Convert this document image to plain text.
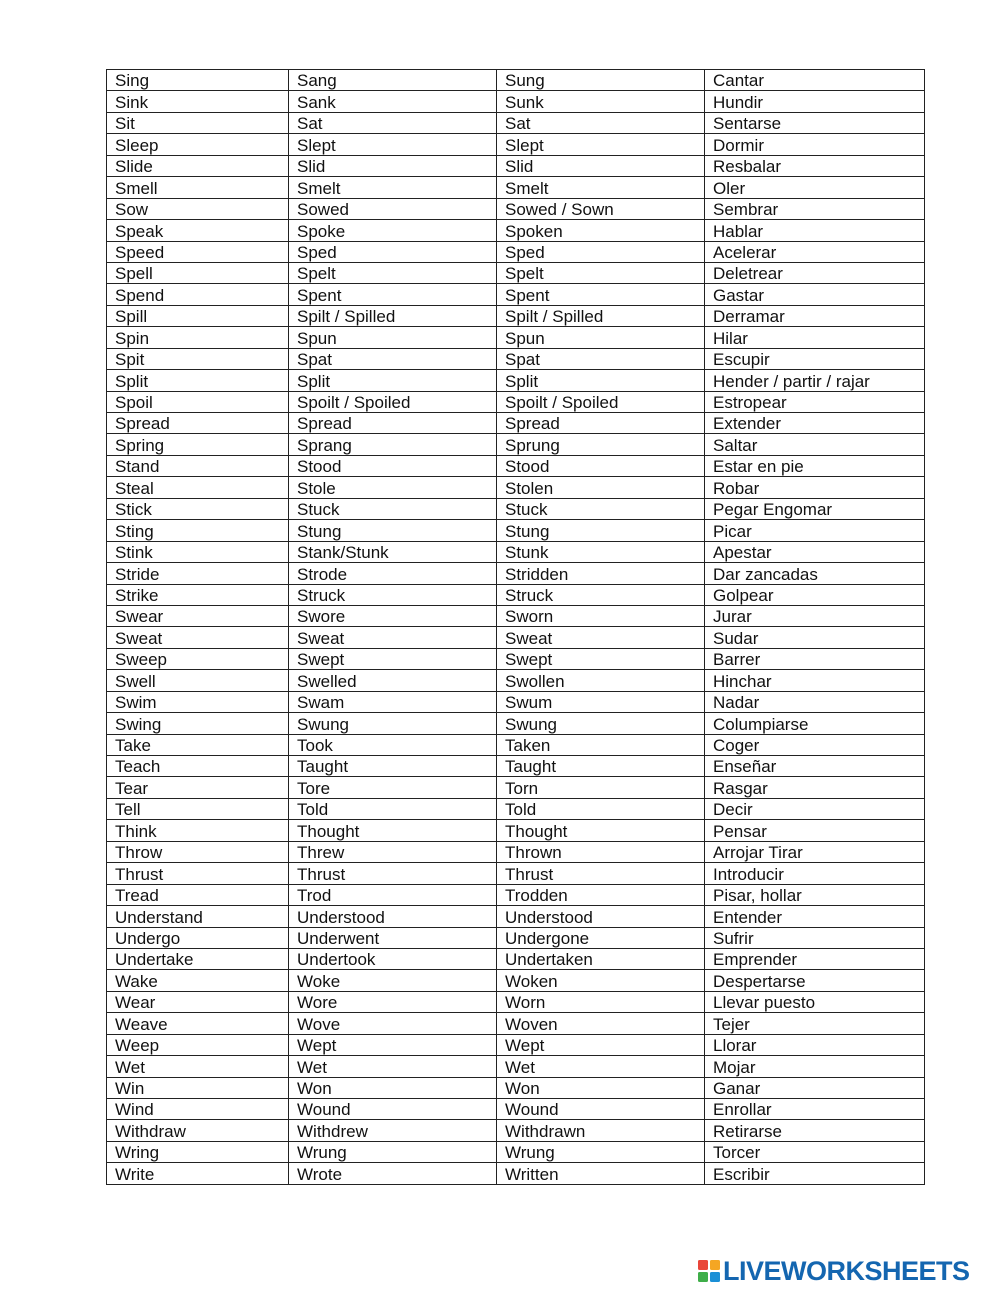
Sing	Sang	Sung	Cantar
Sink	Sank	Sunk	Hundir
Sit	Sat	Sat	Sentarse
Sleep	Slept	Slept	Dormir
Slide	Slid	Slid	Resbalar
Smell	Smelt	Smelt	Oler
Sow	Sowed	Sowed / Sown	Sembrar
Speak	Spoke	Spoken	Hablar
Speed	Sped	Sped	Acelerar
Spell	Spelt	Spelt	Deletrear
Spend	Spent	Spent	Gastar
Spill	Spilt / Spilled	Spilt / Spilled	Derramar
Spin	Spun	Spun	Hilar
Spit	Spat	Spat	Escupir
Split	Split	Split	Hender / partir / rajar
Spoil	Spoilt / Spoiled	Spoilt / Spoiled	Estropear
Spread	Spread	Spread	Extender
Spring	Sprang	Sprung	Saltar
Stand	Stood	Stood	Estar en pie
Steal	Stole	Stolen	Robar
Stick	Stuck	Stuck	Pegar Engomar
Sting	Stung	Stung	Picar
Stink	Stank/Stunk	Stunk	Apestar
Stride	Strode	Stridden	Dar zancadas
Strike	Struck	Struck	Golpear
Swear	Swore	Sworn	Jurar
Sweat	Sweat	Sweat	Sudar
Sweep	Swept	Swept	Barrer
Swell	Swelled	Swollen	Hinchar
Swim	Swam	Swum	Nadar
Swing	Swung	Swung	Columpiarse
Take	Took	Taken	Coger
Teach	Taught	Taught	Enseñar
Tear	Tore	Torn	Rasgar
Tell	Told	Told	Decir
Think	Thought	Thought	Pensar
Throw	Threw	Thrown	Arrojar Tirar
Thrust	Thrust	Thrust	Introducir
Tread	Trod	Trodden	Pisar, hollar
Understand	Understood	Understood	Entender
Undergo	Underwent	Undergone	Sufrir
Undertake	Undertook	Undertaken	Emprender
Wake	Woke	Woken	Despertarse
Wear	Wore	Worn	Llevar puesto
Weave	Wove	Woven	Tejer
Weep	Wept	Wept	Llorar
Wet	Wet	Wet	Mojar
Win	Won	Won	Ganar
Wind	Wound	Wound	Enrollar
Withdraw	Withdrew	Withdrawn	Retirarse
Wring	Wrung	Wrung	Torcer
Write	Wrote	Written	Escribir
LIVEWORKSHEETS
